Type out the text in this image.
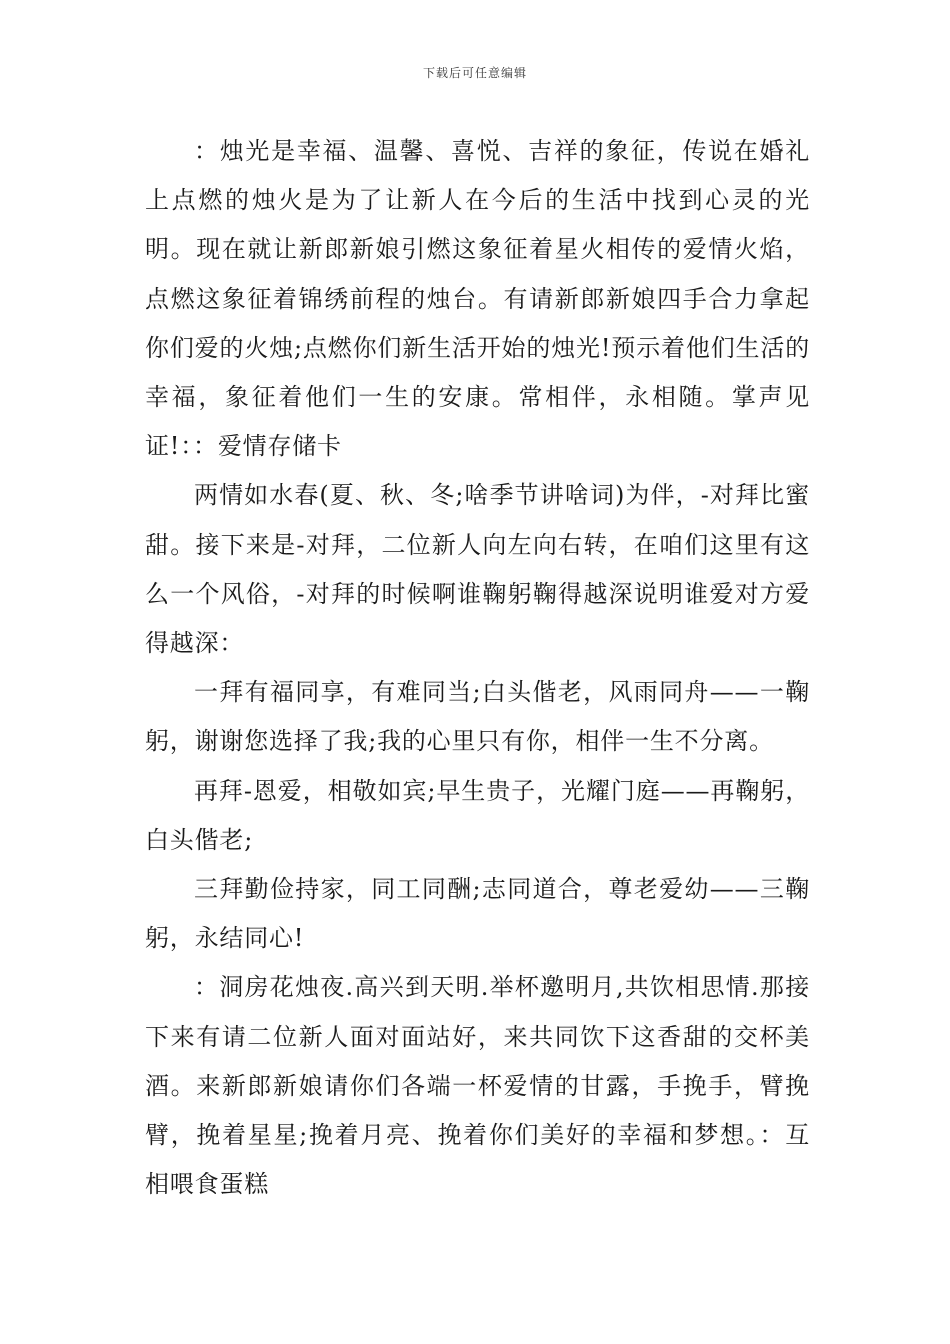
下载后可任意编辑

：烛光是幸福、温馨、喜悦、吉祥的象征，传说在婚礼上点燃的烛火是为了让新人在今后的生活中找到心灵的光明。现在就让新郎新娘引燃这象征着星火相传的爱情火焰，点燃这象征着锦绣前程的烛台。有请新郎新娘四手合力拿起你们爱的火烛;点燃你们新生活开始的烛光!预示着他们生活的幸福，象征着他们一生的安康。常相伴，永相随。掌声见证!：：爱情存储卡

两情如水春(夏、秋、冬;啥季节讲啥词)为伴，-对拜比蜜甜。接下来是-对拜，二位新人向左向右转，在咱们这里有这么一个风俗，-对拜的时候啊谁鞠躬鞠得越深说明谁爱对方爱得越深：

一拜有福同享，有难同当;白头偕老，风雨同舟——一鞠躬，谢谢您选择了我;我的心里只有你，相伴一生不分离。

再拜-恩爱，相敬如宾;早生贵子，光耀门庭——再鞠躬，白头偕老;

三拜勤俭持家，同工同酬;志同道合，尊老爱幼——三鞠躬，永结同心!

：洞房花烛夜.高兴到天明.举杯邀明月,共饮相思情.那接下来有请二位新人面对面站好，来共同饮下这香甜的交杯美酒。来新郎新娘请你们各端一杯爱情的甘露，手挽手，臂挽臂，挽着星星;挽着月亮、挽着你们美好的幸福和梦想。：互相喂食蛋糕
